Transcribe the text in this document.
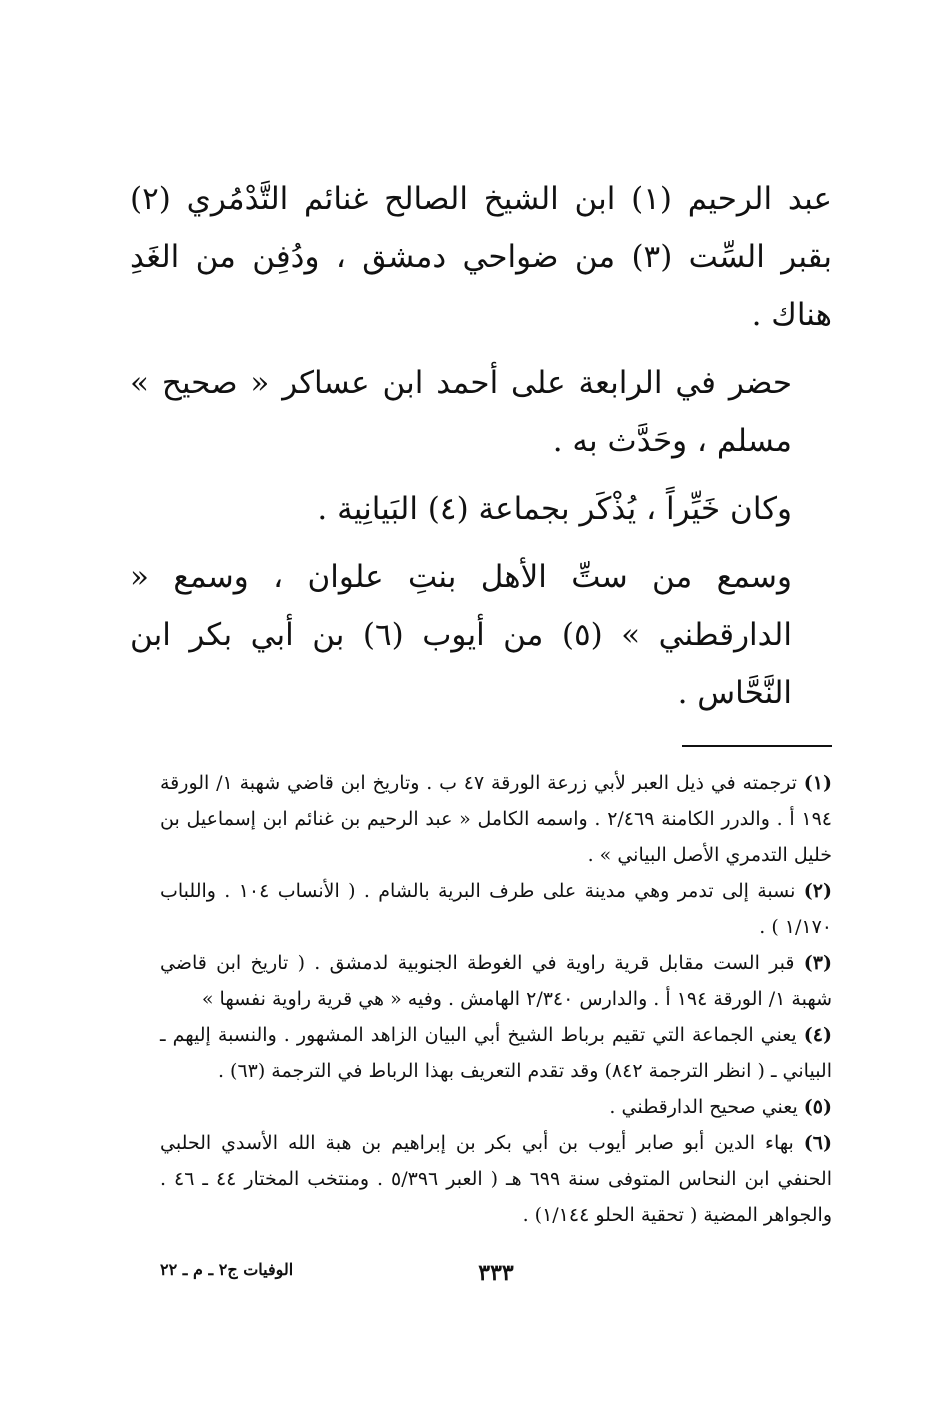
عبد الرحيم (١) ابن الشيخ الصالح غنائم التَّدْمُري (٢) بقبر السِّت (٣) من ضواحي دمشق ، ودُفِن من الغَدِ هناك .

حضر في الرابعة على أحمد ابن عساكر « صحيح » مسلم ، وحَدَّث به .

وكان خَيِّراً ، يُذْكَر بجماعة (٤) البَيانِية .

وسمع من ستِّ الأهل بنتِ علوان ، وسمع « الدارقطني » (٥) من أيوب (٦) بن أبي بكر ابن النَّحَّاس .

(١) ترجمته في ذيل العبر لأبي زرعة الورقة ٤٧ ب . وتاريخ ابن قاضي شهبة ١/ الورقة ١٩٤ أ . والدرر الكامنة ٢/٤٦٩ . واسمه الكامل « عبد الرحيم بن غنائم ابن إسماعيل بن خليل التدمري الأصل البياني » .

(٢) نسبة إلى تدمر وهي مدينة على طرف البرية بالشام . ( الأنساب ١٠٤ . واللباب ١/١٧٠ ) .

(٣) قبر الست مقابل قرية راوية في الغوطة الجنوبية لدمشق . ( تاريخ ابن قاضي شهبة ١/ الورقة ١٩٤ أ . والدارس ٢/٣٤٠ الهامش . وفيه « هي قرية راوية نفسها »

(٤) يعني الجماعة التي تقيم برباط الشيخ أبي البيان الزاهد المشهور . والنسبة إليهم ـ البياني ـ ( انظر الترجمة ٨٤٢) وقد تقدم التعريف بهذا الرباط في الترجمة (٦٣) .

(٥) يعني صحيح الدارقطني .

(٦) بهاء الدين أبو صابر أيوب بن أبي بكر بن إبراهيم بن هبة الله الأسدي الحلبي الحنفي ابن النحاس المتوفى سنة ٦٩٩ هـ ( العبر ٥/٣٩٦ . ومنتخب المختار ٤٤ ـ ٤٦ . والجواهر المضية ( تحقية الحلو ١/١٤٤) .

٣٣٣
الوفيات ج٢ ـ م ـ ٢٢
